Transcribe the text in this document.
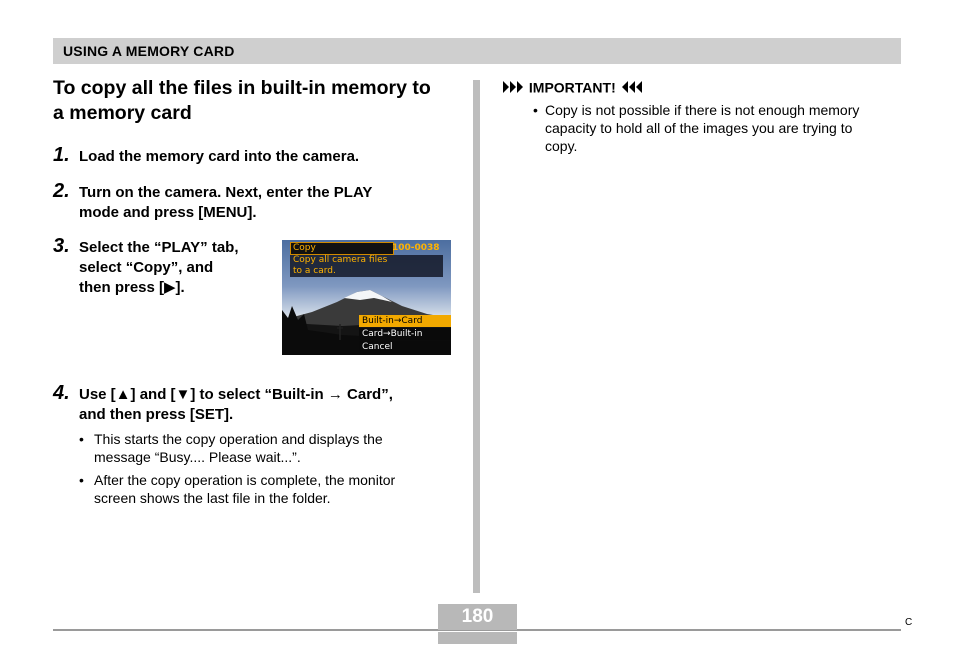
USING A MEMORY CARD
To copy all the files in built-in memory to
a memory card
1. Load the memory card into the camera.
2. Turn on the camera. Next, enter the PLAY
mode and press [MENU].
3. Select the “PLAY” tab,
select “Copy”, and
then press [▶].
Copy	100-0038
Copy all camera files
to a card.
Built-in→Card
Card→Built-in
Cancel
4. Use [▲] and [▼] to select “Built-in → Card”,
and then press [SET].
• This starts the copy operation and displays the
message “Busy.... Please wait...”.
• After the copy operation is complete, the monitor
screen shows the last file in the folder.
IMPORTANT!
• Copy is not possible if there is not enough memory
capacity to hold all of the images you are trying to
copy.
180	C
